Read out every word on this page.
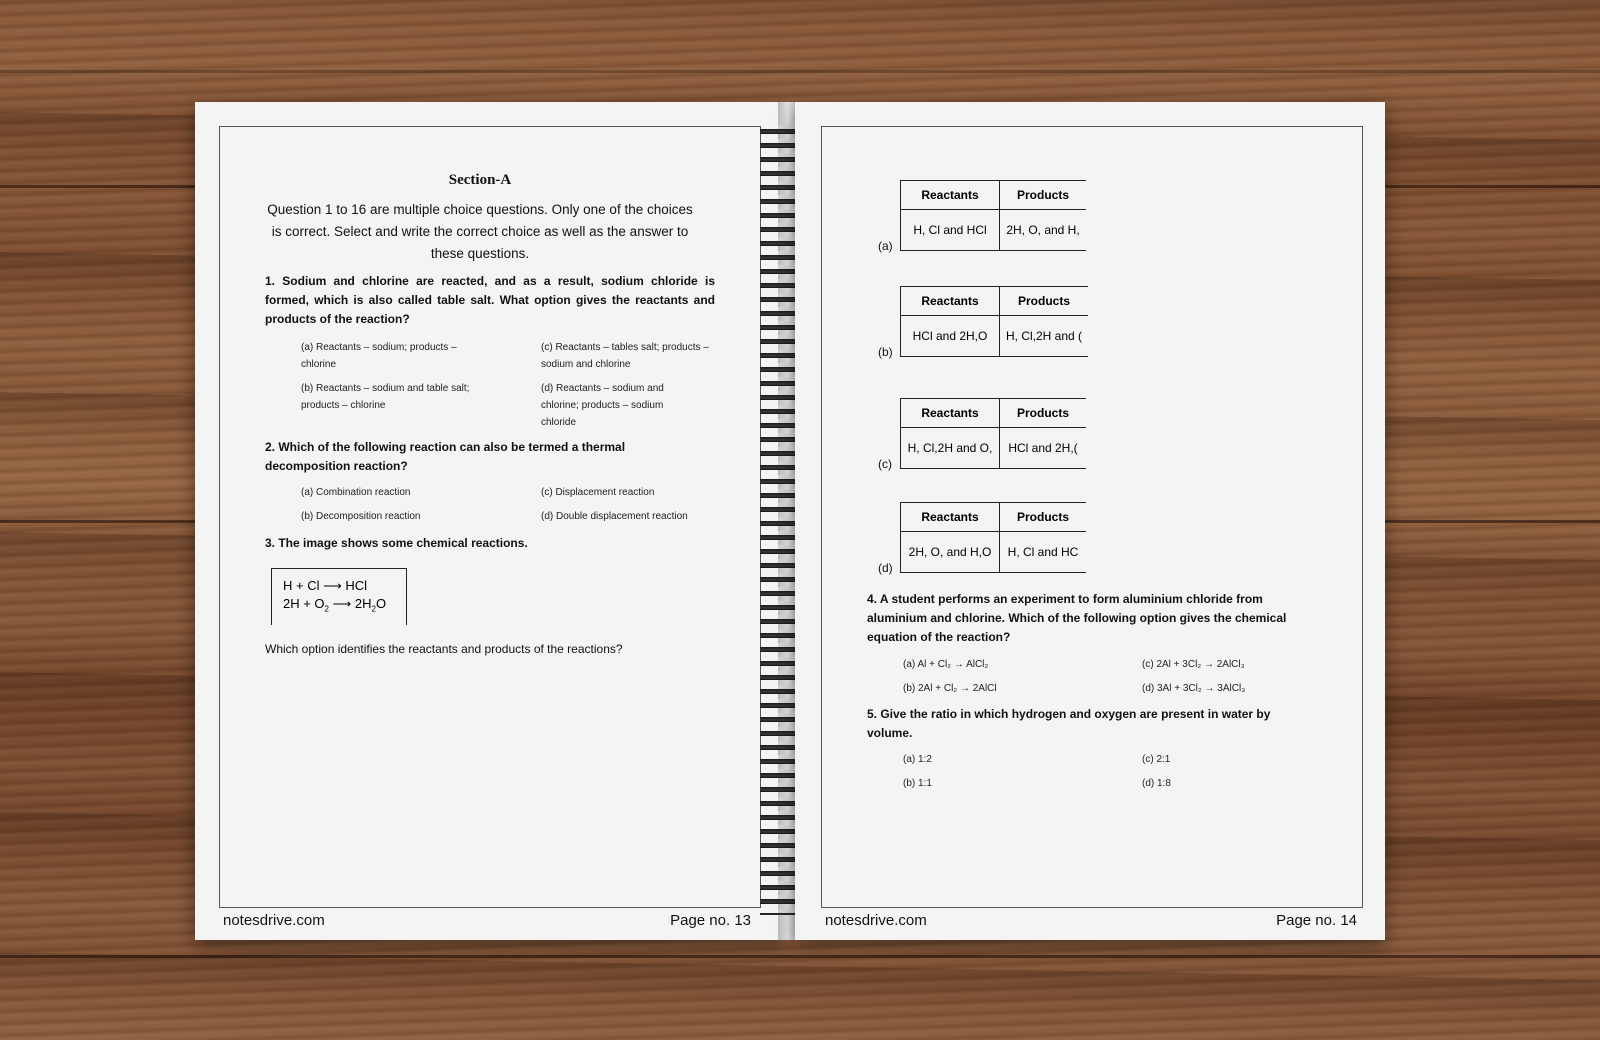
Section-A
Question 1 to 16 are multiple choice questions. Only one of the choices is correct. Select and write the correct choice as well as the answer to these questions.
1. Sodium and chlorine are reacted, and as a result, sodium chloride is formed, which is also called table salt. What option gives the reactants and products of the reaction?
(a) Reactants – sodium; products – chlorine
(b) Reactants – sodium and table salt; products – chlorine
(c) Reactants – tables salt; products – sodium and chlorine
(d) Reactants – sodium and chlorine; products – sodium chloride
2. Which of the following reaction can also be termed a thermal decomposition reaction?
(a) Combination reaction
(b) Decomposition reaction
(c) Displacement reaction
(d) Double displacement reaction
3. The image shows some chemical reactions.
H + Cl ⟶ HCl
$2H + O_2$ ⟶ $2H_2O$
Which option identifies the reactants and products of the reactions?
notesdrive.com	Page no. 13
(a)
Reactants	Products
H, Cl and HCl	2H, O, and H,
(b)
Reactants	Products
HCl and 2H,O	H, Cl,2H and (
(c)
Reactants	Products
H, Cl,2H and O,	HCl and 2H,(
(d)
Reactants	Products
2H, O, and H,O	H, Cl and HC
4. A student performs an experiment to form aluminium chloride from aluminium and chlorine. Which of the following option gives the chemical equation of the reaction?
(a) Al + Cl₂ → AlCl₂
(b) 2Al + Cl₂ → 2AlCl
(c) 2Al + 3Cl₂ → 2AlCl₃
(d) 3Al + 3Cl₂ → 3AlCl₃
5. Give the ratio in which hydrogen and oxygen are present in water by volume.
(a) 1:2
(b) 1:1
(c) 2:1
(d) 1:8
notesdrive.com	Page no. 14
